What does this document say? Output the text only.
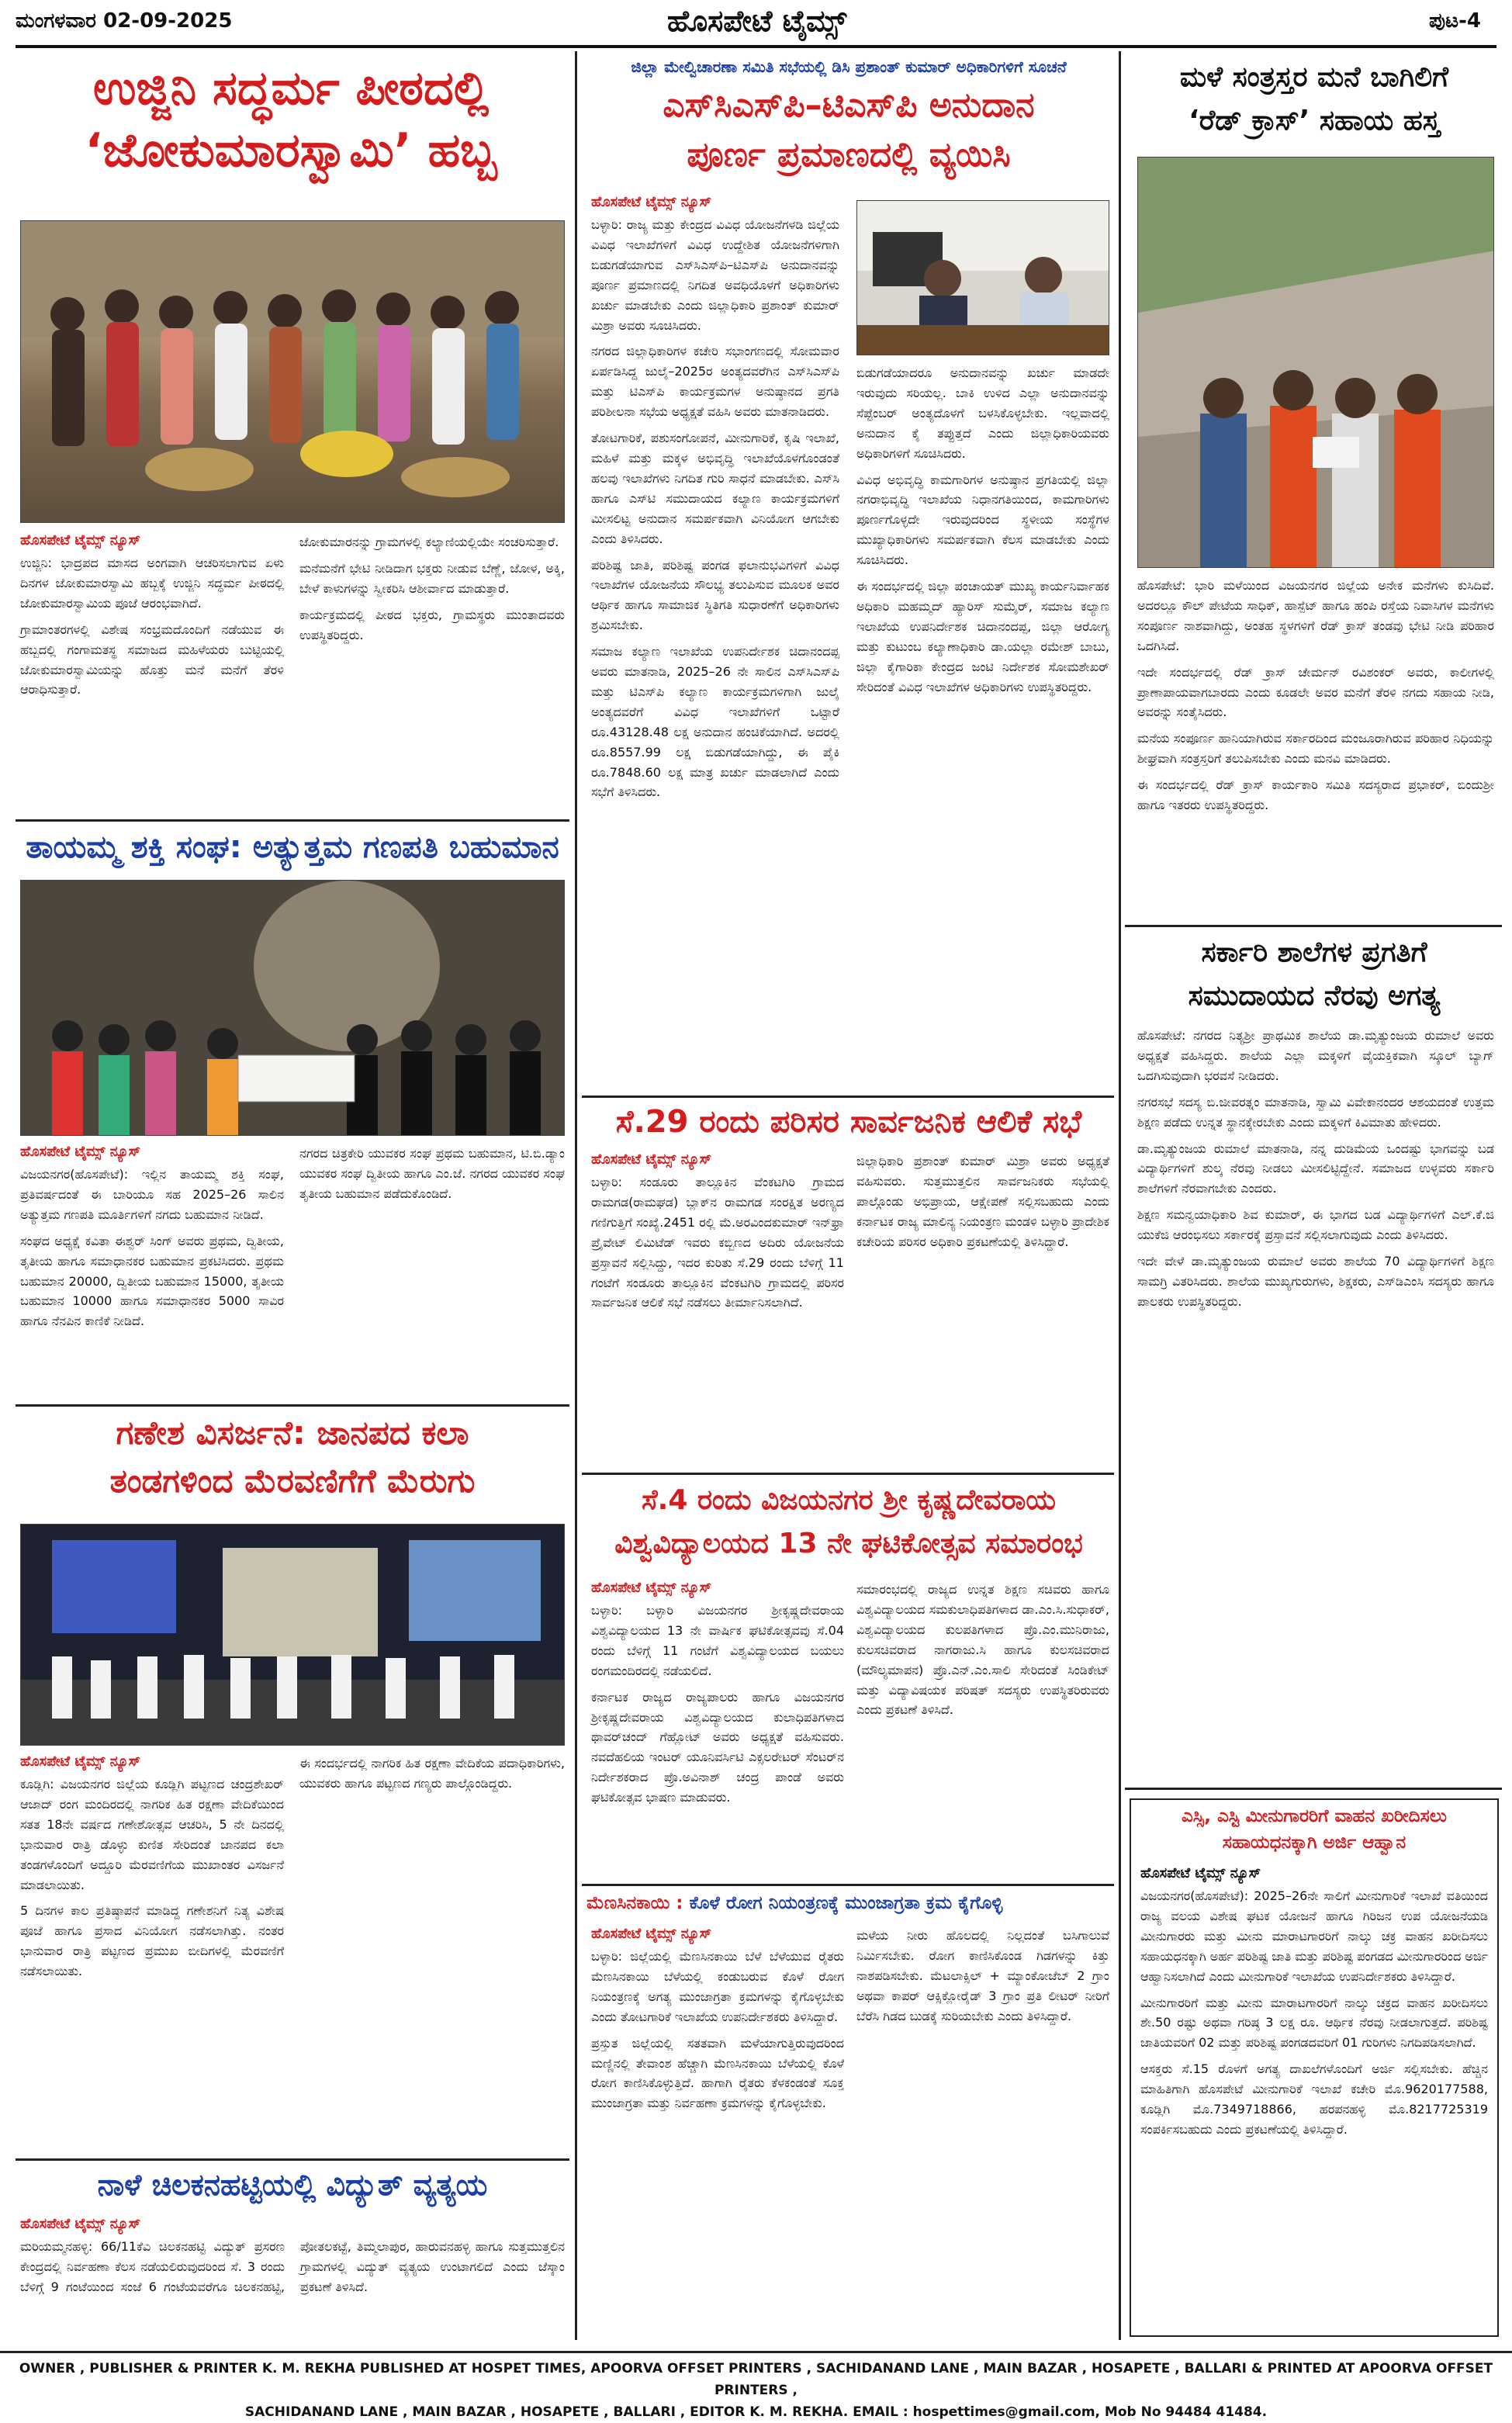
ಮಂಗಳವಾರ 02-09-2025	ಹೊಸಪೇಟೆ ಟೈಮ್ಸ್	ಪುಟ-4
ಉಜ್ಜಿನಿ ಸದ್ಧರ್ಮ ಪೀಠದಲ್ಲಿ
‘ಜೋಕುಮಾರಸ್ವಾಮಿ’ ಹಬ್ಬ
ಹೊಸಪೇಟೆ ಟೈಮ್ಸ್ ನ್ಯೂಸ್

ಉಜ್ಜಿನಿ: ಭಾದ್ರಪದ ಮಾಸದ ಅಂಗವಾಗಿ ಆಚರಿಸಲಾಗುವ ಏಳು ದಿನಗಳ ಜೋಕುಮಾರಸ್ವಾಮಿ ಹಬ್ಬಕ್ಕೆ ಉಜ್ಜಿನಿ ಸದ್ಧರ್ಮ ಪೀಠದಲ್ಲಿ ಜೋಕುಮಾರಸ್ವಾಮಿಯ ಪೂಜೆ ಆರಂಭವಾಗಿದೆ.

ಗ್ರಾಮಾಂತರಗಳಲ್ಲಿ ವಿಶೇಷ ಸಂಭ್ರಮದೊಂದಿಗೆ ನಡೆಯುವ ಈ ಹಬ್ಬದಲ್ಲಿ ಗಂಗಾಮತಸ್ಥ ಸಮಾಜದ ಮಹಿಳೆಯರು ಬುಟ್ಟಿಯಲ್ಲಿ ಜೋಕುಮಾರಸ್ವಾಮಿಯನ್ನು ಹೊತ್ತು ಮನೆ ಮನೆಗೆ ತೆರಳಿ ಆರಾಧಿಸುತ್ತಾರೆ.

ಜೋಕುಮಾರನನ್ನು ಗ್ರಾಮಗಳಲ್ಲಿ ಕಲ್ಯಾಣಿಯಲ್ಲಿಯೇ ಸಂಚರಿಸುತ್ತಾರೆ.

ಮನೆಮನೆಗೆ ಭೇಟಿ ನೀಡಿದಾಗ ಭಕ್ತರು ನೀಡುವ ಬೆಣ್ಣೆ, ಜೋಳ, ಅಕ್ಕಿ, ಬೇಳೆ ಕಾಳುಗಳನ್ನು ಸ್ವೀಕರಿಸಿ ಆಶೀರ್ವಾದ ಮಾಡುತ್ತಾರೆ.

ಕಾರ್ಯಕ್ರಮದಲ್ಲಿ ಪೀಠದ ಭಕ್ತರು, ಗ್ರಾಮಸ್ಥರು ಮುಂತಾದವರು ಉಪಸ್ಥಿತರಿದ್ದರು.

ತಾಯಮ್ಮ ಶಕ್ತಿ ಸಂಘ: ಅತ್ಯುತ್ತಮ ಗಣಪತಿ ಬಹುಮಾನ
ಹೊಸಪೇಟೆ ಟೈಮ್ಸ್ ನ್ಯೂಸ್

ವಿಜಯನಗರ(ಹೊಸಪೇಟೆ): ಇಲ್ಲಿನ ತಾಯಮ್ಮ ಶಕ್ತಿ ಸಂಘ, ಪ್ರತಿವರ್ಷದಂತೆ ಈ ಬಾರಿಯೂ ಸಹ 2025–26 ಸಾಲಿನ ಅತ್ಯುತ್ತಮ ಗಣಪತಿ ಮೂರ್ತಿಗಳಿಗೆ ನಗದು ಬಹುಮಾನ ನೀಡಿದೆ.

ಸಂಘದ ಅಧ್ಯಕ್ಷೆ ಕವಿತಾ ಈಶ್ವರ್ ಸಿಂಗ್ ಅವರು ಪ್ರಥಮ, ದ್ವಿತೀಯ, ತೃತೀಯ ಹಾಗೂ ಸಮಾಧಾನಕರ ಬಹುಮಾನ ಪ್ರಕಟಿಸಿದರು. ಪ್ರಥಮ ಬಹುಮಾನ 20000, ದ್ವಿತೀಯ ಬಹುಮಾನ 15000, ತೃತೀಯ ಬಹುಮಾನ 10000 ಹಾಗೂ ಸಮಾಧಾನಕರ 5000 ಸಾವಿರ ಹಾಗೂ ನೆನಪಿನ ಕಾಣಿಕೆ ನೀಡಿದೆ.

ನಗರದ ಚಿತ್ರಕೇರಿ ಯುವಕರ ಸಂಘ ಪ್ರಥಮ ಬಹುಮಾನ, ಟಿ.ಬಿ.ಡ್ಯಾಂ ಯುವಕರ ಸಂಘ ದ್ವಿತೀಯ ಹಾಗೂ ಎಂ.ಜೆ. ನಗರದ ಯುವಕರ ಸಂಘ ತೃತೀಯ ಬಹುಮಾನ ಪಡೆದುಕೊಂಡಿದೆ.

ಗಣೇಶ ವಿಸರ್ಜನೆ: ಜಾನಪದ ಕಲಾ
ತಂಡಗಳಿಂದ ಮೆರವಣಿಗೆಗೆ ಮೆರುಗು
ಹೊಸಪೇಟೆ ಟೈಮ್ಸ್ ನ್ಯೂಸ್

ಕೂಡ್ಲಿಗಿ: ವಿಜಯನಗರ ಜಿಲ್ಲೆಯ ಕೂಡ್ಲಿಗಿ ಪಟ್ಟಣದ ಚಂದ್ರಶೇಖರ್ ಆಜಾದ್ ರಂಗ ಮಂದಿರದಲ್ಲಿ ನಾಗರಿಕ ಹಿತ ರಕ್ಷಣಾ ವೇದಿಕೆಯಿಂದ ಸತತ 18ನೇ ವರ್ಷದ ಗಣೇಶೋತ್ಸವ ಆಚರಿಸಿ, 5 ನೇ ದಿನದಲ್ಲಿ ಭಾನುವಾರ ರಾತ್ರಿ ಡೊಳ್ಳು ಕುಣಿತ ಸೇರಿದಂತೆ ಜಾನಪದ ಕಲಾ ತಂಡಗಳೊಂದಿಗೆ ಅದ್ದೂರಿ ಮೆರವಣಿಗೆಯ ಮುಖಾಂತರ ವಿಸರ್ಜನೆ ಮಾಡಲಾಯಿತು.

5 ದಿನಗಳ ಕಾಲ ಪ್ರತಿಷ್ಠಾಪನೆ ಮಾಡಿದ್ದ ಗಣೇಶನಿಗೆ ನಿತ್ಯ ವಿಶೇಷ ಪೂಜೆ ಹಾಗೂ ಪ್ರಸಾದ ವಿನಿಯೋಗ ನಡೆಸಲಾಗಿತ್ತು. ನಂತರ ಭಾನುವಾರ ರಾತ್ರಿ ಪಟ್ಟಣದ ಪ್ರಮುಖ ಬೀದಿಗಳಲ್ಲಿ ಮೆರವಣಿಗೆ ನಡೆಸಲಾಯಿತು.

ಈ ಸಂದರ್ಭದಲ್ಲಿ ನಾಗರಿಕ ಹಿತ ರಕ್ಷಣಾ ವೇದಿಕೆಯ ಪದಾಧಿಕಾರಿಗಳು, ಯುವಕರು ಹಾಗೂ ಪಟ್ಟಣದ ಗಣ್ಯರು ಪಾಲ್ಗೊಂಡಿದ್ದರು.

ನಾಳೆ ಚಿಲಕನಹಟ್ಟಿಯಲ್ಲಿ ವಿದ್ಯುತ್ ವ್ಯತ್ಯಯ
ಹೊಸಪೇಟೆ ಟೈಮ್ಸ್ ನ್ಯೂಸ್

ಮರಿಯಮ್ಮನಹಳ್ಳಿ: 66/11ಕೆವಿ ಚಿಲಕನಹಟ್ಟಿ ವಿದ್ಯುತ್ ಪ್ರಸರಣ ಕೇಂದ್ರದಲ್ಲಿ ನಿರ್ವಹಣಾ ಕೆಲಸ ನಡೆಯಲಿರುವುದರಿಂದ ಸೆ. 3 ರಂದು ಬೆಳಿಗ್ಗೆ 9 ಗಂಟೆಯಿಂದ ಸಂಜೆ 6 ಗಂಟೆಯವರೆಗೂ ಚಿಲಕನಹಟ್ಟಿ, ಪೋತಲಕಟ್ಟೆ, ತಿಮ್ಮಲಾಪುರ, ಹಾರುವನಹಳ್ಳಿ ಹಾಗೂ ಸುತ್ತಮುತ್ತಲಿನ ಗ್ರಾಮಗಳಲ್ಲಿ ವಿದ್ಯುತ್ ವ್ಯತ್ಯಯ ಉಂಟಾಗಲಿದೆ ಎಂದು ಜೆಸ್ಕಾಂ ಪ್ರಕಟಣೆ ತಿಳಿಸಿದೆ.

ಜಿಲ್ಲಾ ಮೇಲ್ವಿಚಾರಣಾ ಸಮಿತಿ ಸಭೆಯಲ್ಲಿ ಡಿಸಿ ಪ್ರಶಾಂತ್ ಕುಮಾರ್ ಅಧಿಕಾರಿಗಳಿಗೆ ಸೂಚನೆ
ಎಸ್‌ಸಿಎಸ್‌ಪಿ–ಟಿಎಸ್‌ಪಿ ಅನುದಾನ
ಪೂರ್ಣ ಪ್ರಮಾಣದಲ್ಲಿ ವ್ಯಯಿಸಿ
ಹೊಸಪೇಟೆ ಟೈಮ್ಸ್ ನ್ಯೂಸ್

ಬಳ್ಳಾರಿ: ರಾಜ್ಯ ಮತ್ತು ಕೇಂದ್ರದ ವಿವಿಧ ಯೋಜನೆಗಳಡಿ ಜಿಲ್ಲೆಯ ವಿವಿಧ ಇಲಾಖೆಗಳಿಗೆ ವಿವಿಧ ಉದ್ದೇಶಿತ ಯೋಜನೆಗಳಿಗಾಗಿ ಬಿಡುಗಡೆಯಾಗುವ ಎಸ್‌ಸಿಎಸ್‌ಪಿ–ಟಿಎಸ್‌ಪಿ ಅನುದಾನವನ್ನು ಪೂರ್ಣ ಪ್ರಮಾಣದಲ್ಲಿ ನಿಗದಿತ ಅವಧಿಯೊಳಗೆ ಅಧಿಕಾರಿಗಳು ಖರ್ಚು ಮಾಡಬೇಕು ಎಂದು ಜಿಲ್ಲಾಧಿಕಾರಿ ಪ್ರಶಾಂತ್ ಕುಮಾರ್ ಮಿಶ್ರಾ ಅವರು ಸೂಚಿಸಿದರು.

ನಗರದ ಜಿಲ್ಲಾಧಿಕಾರಿಗಳ ಕಚೇರಿ ಸಭಾಂಗಣದಲ್ಲಿ ಸೋಮವಾರ ಏರ್ಪಡಿಸಿದ್ದ ಜುಲೈ–2025ರ ಅಂತ್ಯದವರೆಗಿನ ಎಸ್‌ಸಿಎಸ್‌ಪಿ ಮತ್ತು ಟಿಎಸ್‌ಪಿ ಕಾರ್ಯಕ್ರಮಗಳ ಅನುಷ್ಠಾನದ ಪ್ರಗತಿ ಪರಿಶೀಲನಾ ಸಭೆಯ ಅಧ್ಯಕ್ಷತೆ ವಹಿಸಿ ಅವರು ಮಾತನಾಡಿದರು.

ತೋಟಗಾರಿಕೆ, ಪಶುಸಂಗೋಪನೆ, ಮೀನುಗಾರಿಕೆ, ಕೃಷಿ ಇಲಾಖೆ, ಮಹಿಳೆ ಮತ್ತು ಮಕ್ಕಳ ಅಭಿವೃದ್ಧಿ ಇಲಾಖೆಯೊಳಗೊಂಡಂತೆ ಹಲವು ಇಲಾಖೆಗಳು ನಿಗದಿತ ಗುರಿ ಸಾಧನೆ ಮಾಡಬೇಕು. ಎಸ್‌ಸಿ ಹಾಗೂ ಎಸ್‌ಟಿ ಸಮುದಾಯದ ಕಲ್ಯಾಣ ಕಾರ್ಯಕ್ರಮಗಳಿಗೆ ಮೀಸಲಿಟ್ಟ ಅನುದಾನ ಸಮರ್ಪಕವಾಗಿ ವಿನಿಯೋಗ ಆಗಬೇಕು ಎಂದು ತಿಳಿಸಿದರು.

ಪರಿಶಿಷ್ಟ ಜಾತಿ, ಪರಿಶಿಷ್ಟ ಪಂಗಡ ಫಲಾನುಭವಿಗಳಿಗೆ ವಿವಿಧ ಇಲಾಖೆಗಳ ಯೋಜನೆಯ ಸೌಲಭ್ಯ ತಲುಪಿಸುವ ಮೂಲಕ ಅವರ ಆರ್ಥಿಕ ಹಾಗೂ ಸಾಮಾಜಿಕ ಸ್ಥಿತಿಗತಿ ಸುಧಾರಣೆಗೆ ಅಧಿಕಾರಿಗಳು ಶ್ರಮಿಸಬೇಕು.

ಸಮಾಜ ಕಲ್ಯಾಣ ಇಲಾಖೆಯ ಉಪನಿರ್ದೇಶಕ ಚಿದಾನಂದಪ್ಪ ಅವರು ಮಾತನಾಡಿ, 2025–26 ನೇ ಸಾಲಿನ ಎಸ್‌ಸಿಎಸ್‌ಪಿ ಮತ್ತು ಟಿಎಸ್‌ಪಿ ಕಲ್ಯಾಣ ಕಾರ್ಯಕ್ರಮಗಳಿಗಾಗಿ ಜುಲೈ ಅಂತ್ಯದವರೆಗೆ ವಿವಿಧ ಇಲಾಖೆಗಳಿಗೆ ಒಟ್ಟಾರೆ ರೂ.43128.48 ಲಕ್ಷ ಅನುದಾನ ಹಂಚಿಕೆಯಾಗಿದೆ. ಅದರಲ್ಲಿ ರೂ.8557.99 ಲಕ್ಷ ಬಿಡುಗಡೆಯಾಗಿದ್ದು, ಈ ಪೈಕಿ ರೂ.7848.60 ಲಕ್ಷ ಮಾತ್ರ ಖರ್ಚು ಮಾಡಲಾಗಿದೆ ಎಂದು ಸಭೆಗೆ ತಿಳಿಸಿದರು.

ಬಿಡುಗಡೆಯಾದರೂ ಅನುದಾನವನ್ನು ಖರ್ಚು ಮಾಡದೇ ಇರುವುದು ಸರಿಯಲ್ಲ. ಬಾಕಿ ಉಳಿದ ಎಲ್ಲಾ ಅನುದಾನವನ್ನು ಸೆಪ್ಟೆಂಬರ್ ಅಂತ್ಯದೊಳಗೆ ಬಳಸಿಕೊಳ್ಳಬೇಕು. ಇಲ್ಲವಾದಲ್ಲಿ ಅನುದಾನ ಕೈ ತಪ್ಪುತ್ತದೆ ಎಂದು ಜಿಲ್ಲಾಧಿಕಾರಿಯವರು ಅಧಿಕಾರಿಗಳಿಗೆ ಸೂಚಿಸಿದರು.

ವಿವಿಧ ಅಭಿವೃದ್ಧಿ ಕಾಮಗಾರಿಗಳ ಅನುಷ್ಠಾನ ಪ್ರಗತಿಯಲ್ಲಿ ಜಿಲ್ಲಾ ನಗರಾಭಿವೃದ್ಧಿ ಇಲಾಖೆಯ ನಿಧಾನಗತಿಯಿಂದ, ಕಾಮಗಾರಿಗಳು ಪೂರ್ಣಗೊಳ್ಳದೇ ಇರುವುದರಿಂದ ಸ್ಥಳೀಯ ಸಂಸ್ಥೆಗಳ ಮುಖ್ಯಾಧಿಕಾರಿಗಳು ಸಮರ್ಪಕವಾಗಿ ಕೆಲಸ ಮಾಡಬೇಕು ಎಂದು ಸೂಚಿಸಿದರು.

ಈ ಸಂದರ್ಭದಲ್ಲಿ ಜಿಲ್ಲಾ ಪಂಚಾಯತ್ ಮುಖ್ಯ ಕಾರ್ಯನಿರ್ವಾಹಕ ಅಧಿಕಾರಿ ಮಹಮ್ಮದ್ ಹ್ಯಾರಿಸ್ ಸುಮೈರ್, ಸಮಾಜ ಕಲ್ಯಾಣ ಇಲಾಖೆಯ ಉಪನಿರ್ದೇಶಕ ಚಿದಾನಂದಪ್ಪ, ಜಿಲ್ಲಾ ಆರೋಗ್ಯ ಮತ್ತು ಕುಟುಂಬ ಕಲ್ಯಾಣಾಧಿಕಾರಿ ಡಾ.ಯಲ್ಲಾ ರಮೇಶ್ ಬಾಬು, ಜಿಲ್ಲಾ ಕೈಗಾರಿಕಾ ಕೇಂದ್ರದ ಜಂಟಿ ನಿರ್ದೇಶಕ ಸೋಮಶೇಖರ್ ಸೇರಿದಂತೆ ವಿವಿಧ ಇಲಾಖೆಗಳ ಅಧಿಕಾರಿಗಳು ಉಪಸ್ಥಿತರಿದ್ದರು.

ಸೆ.29 ರಂದು ಪರಿಸರ ಸಾರ್ವಜನಿಕ ಆಲಿಕೆ ಸಭೆ
ಹೊಸಪೇಟೆ ಟೈಮ್ಸ್ ನ್ಯೂಸ್

ಬಳ್ಳಾರಿ: ಸಂಡೂರು ತಾಲ್ಲೂಕಿನ ವೆಂಕಟಗಿರಿ ಗ್ರಾಮದ ರಾಮಗಡ(ರಾಮಘಡ) ಬ್ಲಾಕ್‌ನ ರಾಮಗಡ ಸಂರಕ್ಷಿತ ಅರಣ್ಯದ ಗಣಿಗುತ್ತಿಗೆ ಸಂಖ್ಯೆ.2451 ರಲ್ಲಿ ಮೆ.ಅರವಿಂದಕುಮಾರ್ ಇನ್‌ಫ್ರಾ ಪ್ರೈವೇಟ್ ಲಿಮಿಟೆಡ್ ಇವರು ಕಬ್ಬಿಣದ ಅದಿರು ಯೋಜನೆಯ ಪ್ರಸ್ತಾವನೆ ಸಲ್ಲಿಸಿದ್ದು, ಇದರ ಕುರಿತು ಸೆ.29 ರಂದು ಬೆಳಿಗ್ಗೆ 11 ಗಂಟೆಗೆ ಸಂಡೂರು ತಾಲ್ಲೂಕಿನ ವೆಂಕಟಗಿರಿ ಗ್ರಾಮದಲ್ಲಿ ಪರಿಸರ ಸಾರ್ವಜನಿಕ ಆಲಿಕೆ ಸಭೆ ನಡೆಸಲು ತೀರ್ಮಾನಿಸಲಾಗಿದೆ.

ಜಿಲ್ಲಾಧಿಕಾರಿ ಪ್ರಶಾಂತ್ ಕುಮಾರ್ ಮಿಶ್ರಾ ಅವರು ಅಧ್ಯಕ್ಷತೆ ವಹಿಸುವರು. ಸುತ್ತಮುತ್ತಲಿನ ಸಾರ್ವಜನಿಕರು ಸಭೆಯಲ್ಲಿ ಪಾಲ್ಗೊಂಡು ಅಭಿಪ್ರಾಯ, ಆಕ್ಷೇಪಣೆ ಸಲ್ಲಿಸಬಹುದು ಎಂದು ಕರ್ನಾಟಕ ರಾಜ್ಯ ಮಾಲಿನ್ಯ ನಿಯಂತ್ರಣ ಮಂಡಳಿ ಬಳ್ಳಾರಿ ಪ್ರಾದೇಶಿಕ ಕಚೇರಿಯ ಪರಿಸರ ಅಧಿಕಾರಿ ಪ್ರಕಟಣೆಯಲ್ಲಿ ತಿಳಿಸಿದ್ದಾರೆ.

ಸೆ.4 ರಂದು ವಿಜಯನಗರ ಶ್ರೀ ಕೃಷ್ಣದೇವರಾಯ
ವಿಶ್ವವಿದ್ಯಾಲಯದ 13 ನೇ ಘಟಿಕೋತ್ಸವ ಸಮಾರಂಭ
ಹೊಸಪೇಟೆ ಟೈಮ್ಸ್ ನ್ಯೂಸ್

ಬಳ್ಳಾರಿ: ಬಳ್ಳಾರಿ ವಿಜಯನಗರ ಶ್ರೀಕೃಷ್ಣದೇವರಾಯ ವಿಶ್ವವಿದ್ಯಾಲಯದ 13 ನೇ ವಾರ್ಷಿಕ ಘಟಿಕೋತ್ಸವವು ಸೆ.04 ರಂದು ಬೆಳಿಗ್ಗೆ 11 ಗಂಟೆಗೆ ವಿಶ್ವವಿದ್ಯಾಲಯದ ಬಯಲು ರಂಗಮಂದಿರದಲ್ಲಿ ನಡೆಯಲಿದೆ.

ಕರ್ನಾಟಕ ರಾಜ್ಯದ ರಾಜ್ಯಪಾಲರು ಹಾಗೂ ವಿಜಯನಗರ ಶ್ರೀಕೃಷ್ಣದೇವರಾಯ ವಿಶ್ವವಿದ್ಯಾಲಯದ ಕುಲಾಧಿಪತಿಗಳಾದ ಥಾವರ್‌ಚಂದ್ ಗೆಹ್ಲೋಟ್ ಅವರು ಅಧ್ಯಕ್ಷತೆ ವಹಿಸುವರು. ನವದೆಹಲಿಯ ಇಂಟರ್ ಯೂನಿವರ್ಸಿಟಿ ಎಕ್ಸಲರೇಟರ್ ಸೆಂಟರ್‌ನ ನಿರ್ದೇಶಕರಾದ ಪ್ರೊ.ಅವಿನಾಶ್ ಚಂದ್ರ ಪಾಂಡೆ ಅವರು ಘಟಿಕೋತ್ಸವ ಭಾಷಣ ಮಾಡುವರು.

ಸಮಾರಂಭದಲ್ಲಿ ರಾಜ್ಯದ ಉನ್ನತ ಶಿಕ್ಷಣ ಸಚಿವರು ಹಾಗೂ ವಿಶ್ವವಿದ್ಯಾಲಯದ ಸಮಕುಲಾಧಿಪತಿಗಳಾದ ಡಾ.ಎಂ.ಸಿ.ಸುಧಾಕರ್, ವಿಶ್ವವಿದ್ಯಾಲಯದ ಕುಲಪತಿಗಳಾದ ಪ್ರೊ.ಎಂ.ಮುನಿರಾಜು, ಕುಲಸಚಿವರಾದ ನಾಗರಾಜು.ಸಿ ಹಾಗೂ ಕುಲಸಚಿವರಾದ (ಮೌಲ್ಯಮಾಪನ) ಪ್ರೊ.ಎನ್.ಎಂ.ಸಾಲಿ ಸೇರಿದಂತೆ ಸಿಂಡಿಕೇಟ್ ಮತ್ತು ವಿದ್ಯಾವಿಷಯಕ ಪರಿಷತ್ ಸದಸ್ಯರು ಉಪಸ್ಥಿತರಿರುವರು ಎಂದು ಪ್ರಕಟಣೆ ತಿಳಿಸಿದೆ.

ಮೆಣಸಿನಕಾಯಿ : ಕೊಳೆ ರೋಗ ನಿಯಂತ್ರಣಕ್ಕೆ ಮುಂಜಾಗ್ರತಾ ಕ್ರಮ ಕೈಗೊಳ್ಳಿ
ಹೊಸಪೇಟೆ ಟೈಮ್ಸ್ ನ್ಯೂಸ್

ಬಳ್ಳಾರಿ: ಜಿಲ್ಲೆಯಲ್ಲಿ ಮೆಣಸಿನಕಾಯಿ ಬೆಳೆ ಬೆಳೆಯುವ ರೈತರು ಮೆಣಸಿನಕಾಯಿ ಬೆಳೆಯಲ್ಲಿ ಕಂಡುಬರುವ ಕೊಳೆ ರೋಗ ನಿಯಂತ್ರಣಕ್ಕೆ ಅಗತ್ಯ ಮುಂಜಾಗ್ರತಾ ಕ್ರಮಗಳನ್ನು ಕೈಗೊಳ್ಳಬೇಕು ಎಂದು ತೋಟಗಾರಿಕೆ ಇಲಾಖೆಯ ಉಪನಿರ್ದೇಶಕರು ತಿಳಿಸಿದ್ದಾರೆ.

ಪ್ರಸ್ತುತ ಜಿಲ್ಲೆಯಲ್ಲಿ ಸತತವಾಗಿ ಮಳೆಯಾಗುತ್ತಿರುವುದರಿಂದ ಮಣ್ಣಿನಲ್ಲಿ ತೇವಾಂಶ ಹೆಚ್ಚಾಗಿ ಮೆಣಸಿನಕಾಯಿ ಬೆಳೆಯಲ್ಲಿ ಕೊಳೆ ರೋಗ ಕಾಣಿಸಿಕೊಳ್ಳುತ್ತಿದೆ. ಹಾಗಾಗಿ ರೈತರು ಕೆಳಕಂಡಂತೆ ಸೂಕ್ತ ಮುಂಜಾಗ್ರತಾ ಮತ್ತು ನಿರ್ವಹಣಾ ಕ್ರಮಗಳನ್ನು ಕೈಗೊಳ್ಳಬೇಕು.

ಮಳೆಯ ನೀರು ಹೊಲದಲ್ಲಿ ನಿಲ್ಲದಂತೆ ಬಸಿಗಾಲುವೆ ನಿರ್ಮಿಸಬೇಕು. ರೋಗ ಕಾಣಿಸಿಕೊಂಡ ಗಿಡಗಳನ್ನು ಕಿತ್ತು ನಾಶಪಡಿಸಬೇಕು. ಮೆಟಲಾಕ್ಸಿಲ್ + ಮ್ಯಾಂಕೋಜೆಬ್ 2 ಗ್ರಾಂ ಅಥವಾ ಕಾಪರ್ ಆಕ್ಸಿಕ್ಲೋರೈಡ್ 3 ಗ್ರಾಂ ಪ್ರತಿ ಲೀಟರ್ ನೀರಿಗೆ ಬೆರೆಸಿ ಗಿಡದ ಬುಡಕ್ಕೆ ಸುರಿಯಬೇಕು ಎಂದು ತಿಳಿಸಿದ್ದಾರೆ.

ಮಳೆ ಸಂತ್ರಸ್ತರ ಮನೆ ಬಾಗಿಲಿಗೆ
‘ರೆಡ್ ಕ್ರಾಸ್’ ಸಹಾಯ ಹಸ್ತ

ಹೊಸಪೇಟೆ: ಭಾರಿ ಮಳೆಯಿಂದ ವಿಜಯನಗರ ಜಿಲ್ಲೆಯ ಅನೇಕ ಮನೆಗಳು ಕುಸಿದಿವೆ. ಅದರಲ್ಲೂ ಕೌಲ್ ಪೇಟೆಯ ಸಾಧಿಕ್, ಹಾಸ್ಪೆಟ್ ಹಾಗೂ ಹಂಪಿ ರಸ್ತೆಯ ನಿವಾಸಿಗಳ ಮನೆಗಳು ಸಂಪೂರ್ಣ ನಾಶವಾಗಿದ್ದು, ಅಂತಹ ಸ್ಥಳಗಳಿಗೆ ರೆಡ್ ಕ್ರಾಸ್ ತಂಡವು ಭೇಟಿ ನೀಡಿ ಪರಿಹಾರ ಒದಗಿಸಿದೆ.

ಇದೇ ಸಂದರ್ಭದಲ್ಲಿ ರೆಡ್ ಕ್ರಾಸ್ ಚೇರ್ಮನ್ ರವಿಶಂಕರ್ ಅವರು, ಕಾಲೀಗಳಲ್ಲಿ ಪ್ರಾಣಾಪಾಯವಾಗಬಾರದು ಎಂದು ಕೂಡಲೇ ಅವರ ಮನೆಗೆ ತೆರಳಿ ನಗದು ಸಹಾಯ ನೀಡಿ, ಅವರನ್ನು ಸಂತೈಸಿದರು.

ಮನೆಯ ಸಂಪೂರ್ಣ ಹಾನಿಯಾಗಿರುವ ಸರ್ಕಾರದಿಂದ ಮಂಜೂರಾಗಿರುವ ಪರಿಹಾರ ನಿಧಿಯನ್ನು ಶೀಘ್ರವಾಗಿ ಸಂತ್ರಸ್ತರಿಗೆ ತಲುಪಿಸಬೇಕು ಎಂದು ಮನವಿ ಮಾಡಿದರು.

ಈ ಸಂದರ್ಭದಲ್ಲಿ ರೆಡ್ ಕ್ರಾಸ್ ಕಾರ್ಯಕಾರಿ ಸಮಿತಿ ಸದಸ್ಯರಾದ ಪ್ರಭಾಕರ್, ಬಿಂದುಶ್ರೀ ಹಾಗೂ ಇತರರು ಉಪಸ್ಥಿತರಿದ್ದರು.

ಸರ್ಕಾರಿ ಶಾಲೆಗಳ ಪ್ರಗತಿಗೆ
ಸಮುದಾಯದ ನೆರವು ಅಗತ್ಯ

ಹೊಸಪೇಟೆ: ನಗರದ ನಿತ್ಯಶ್ರೀ ಪ್ರಾಥಮಿಕ ಶಾಲೆಯ ಡಾ.ಮೃತ್ಯುಂಜಯ ರುಮಾಲೆ ಅವರು ಅಧ್ಯಕ್ಷತೆ ವಹಿಸಿದ್ದರು. ಶಾಲೆಯ ಎಲ್ಲಾ ಮಕ್ಕಳಿಗೆ ವೈಯಕ್ತಿಕವಾಗಿ ಸ್ಕೂಲ್ ಬ್ಯಾಗ್ ಒದಗಿಸುವುದಾಗಿ ಭರವಸೆ ನೀಡಿದರು.

ನಗರಸಭೆ ಸದಸ್ಯ ಬಿ.ಜೀವರತ್ನಂ ಮಾತನಾಡಿ, ಸ್ವಾಮಿ ವಿವೇಕಾನಂದರ ಆಶಯದಂತೆ ಉತ್ತಮ ಶಿಕ್ಷಣ ಪಡೆದು ಉನ್ನತ ಸ್ಥಾನಕ್ಕೇರಬೇಕು ಎಂದು ಮಕ್ಕಳಿಗೆ ಕಿವಿಮಾತು ಹೇಳಿದರು.

ಡಾ.ಮೃತ್ಯುಂಜಯ ರುಮಾಲೆ ಮಾತನಾಡಿ, ನನ್ನ ದುಡಿಮೆಯ ಒಂದಷ್ಟು ಭಾಗವನ್ನು ಬಡ ವಿದ್ಯಾರ್ಥಿಗಳಿಗೆ ಶುಲ್ಕ ನೆರವು ನೀಡಲು ಮೀಸಲಿಟ್ಟಿದ್ದೇನೆ. ಸಮಾಜದ ಉಳ್ಳವರು ಸರ್ಕಾರಿ ಶಾಲೆಗಳಿಗೆ ನೆರವಾಗಬೇಕು ಎಂದರು.

ಶಿಕ್ಷಣ ಸಮನ್ವಯಾಧಿಕಾರಿ ಶಿವ ಕುಮಾರ್, ಈ ಭಾಗದ ಬಡ ವಿದ್ಯಾರ್ಥಿಗಳಿಗೆ ಎಲ್.ಕೆ.ಜಿ ಯುಕೆಜಿ ಆರಂಭಿಸಲು ಸರ್ಕಾರಕ್ಕೆ ಪ್ರಸ್ತಾವನೆ ಸಲ್ಲಿಸಲಾಗುವುದು ಎಂದು ತಿಳಿಸಿದರು.

ಇದೇ ವೇಳೆ ಡಾ.ಮೃತ್ಯುಂಜಯ ರುಮಾಲೆ ಅವರು ಶಾಲೆಯ 70 ವಿದ್ಯಾರ್ಥಿಗಳಿಗೆ ಶಿಕ್ಷಣ ಸಾಮಗ್ರಿ ವಿತರಿಸಿದರು. ಶಾಲೆಯ ಮುಖ್ಯಗುರುಗಳು, ಶಿಕ್ಷಕರು, ಎಸ್‌ಡಿಎಂಸಿ ಸದಸ್ಯರು ಹಾಗೂ ಪಾಲಕರು ಉಪಸ್ಥಿತರಿದ್ದರು.

ಎಸ್ಸಿ, ಎಸ್ಟಿ ಮೀನುಗಾರರಿಗೆ ವಾಹನ ಖರೀದಿಸಲು
ಸಹಾಯಧನಕ್ಕಾಗಿ ಅರ್ಜಿ ಆಹ್ವಾನ
ಹೊಸಪೇಟೆ ಟೈಮ್ಸ್ ನ್ಯೂಸ್

ವಿಜಯನಗರ(ಹೊಸಪೇಟೆ): 2025–26ನೇ ಸಾಲಿಗೆ ಮೀನುಗಾರಿಕೆ ಇಲಾಖೆ ವತಿಯಿಂದ ರಾಜ್ಯ ವಲಯ ವಿಶೇಷ ಘಟಕ ಯೋಜನೆ ಹಾಗೂ ಗಿರಿಜನ ಉಪ ಯೋಜನೆಯಡಿ ಮೀನುಗಾರರು ಮತ್ತು ಮೀನು ಮಾರಾಟಗಾರರಿಗೆ ನಾಲ್ಕು ಚಕ್ರ ವಾಹನ ಖರೀದಿಸಲು ಸಹಾಯಧನಕ್ಕಾಗಿ ಅರ್ಹ ಪರಿಶಿಷ್ಟ ಜಾತಿ ಮತ್ತು ಪರಿಶಿಷ್ಟ ಪಂಗಡದ ಮೀನುಗಾರರಿಂದ ಅರ್ಜಿ ಆಹ್ವಾನಿಸಲಾಗಿದೆ ಎಂದು ಮೀನುಗಾರಿಕೆ ಇಲಾಖೆಯ ಉಪನಿರ್ದೇಶಕರು ತಿಳಿಸಿದ್ದಾರೆ.

ಮೀನುಗಾರರಿಗೆ ಮತ್ತು ಮೀನು ಮಾರಾಟಗಾರರಿಗೆ ನಾಲ್ಕು ಚಕ್ರದ ವಾಹನ ಖರೀದಿಸಲು ಶೇ.50 ರಷ್ಟು ಅಥವಾ ಗರಿಷ್ಠ 3 ಲಕ್ಷ ರೂ. ಆರ್ಥಿಕ ನೆರವು ನೀಡಲಾಗುತ್ತದೆ. ಪರಿಶಿಷ್ಟ ಜಾತಿಯವರಿಗೆ 02 ಮತ್ತು ಪರಿಶಿಷ್ಟ ಪಂಗಡದವರಿಗೆ 01 ಗುರಿಗಳು ನಿಗದಿಪಡಿಸಲಾಗಿದೆ.

ಆಸಕ್ತರು ಸೆ.15 ರೊಳಗೆ ಅಗತ್ಯ ದಾಖಲೆಗಳೊಂದಿಗೆ ಅರ್ಜಿ ಸಲ್ಲಿಸಬೇಕು. ಹೆಚ್ಚಿನ ಮಾಹಿತಿಗಾಗಿ ಹೊಸಪೇಟೆ ಮೀನುಗಾರಿಕೆ ಇಲಾಖೆ ಕಚೇರಿ ಮೊ.9620177588, ಕೂಡ್ಲಿಗಿ ಮೊ.7349718866, ಹರಪನಹಳ್ಳಿ ಮೊ.8217725319 ಸಂಪರ್ಕಿಸಬಹುದು ಎಂದು ಪ್ರಕಟಣೆಯಲ್ಲಿ ತಿಳಿಸಿದ್ದಾರೆ.

OWNER , PUBLISHER & PRINTER K. M. REKHA PUBLISHED AT HOSPET TIMES, APOORVA OFFSET PRINTERS , SACHIDANAND LANE , MAIN BAZAR , HOSAPETE , BALLARI & PRINTED AT APOORVA OFFSET PRINTERS ,
SACHIDANAND LANE , MAIN BAZAR , HOSAPETE , BALLARI , EDITOR K. M. REKHA. EMAIL : hospettimes@gmail.com, Mob No 94484 41484.
